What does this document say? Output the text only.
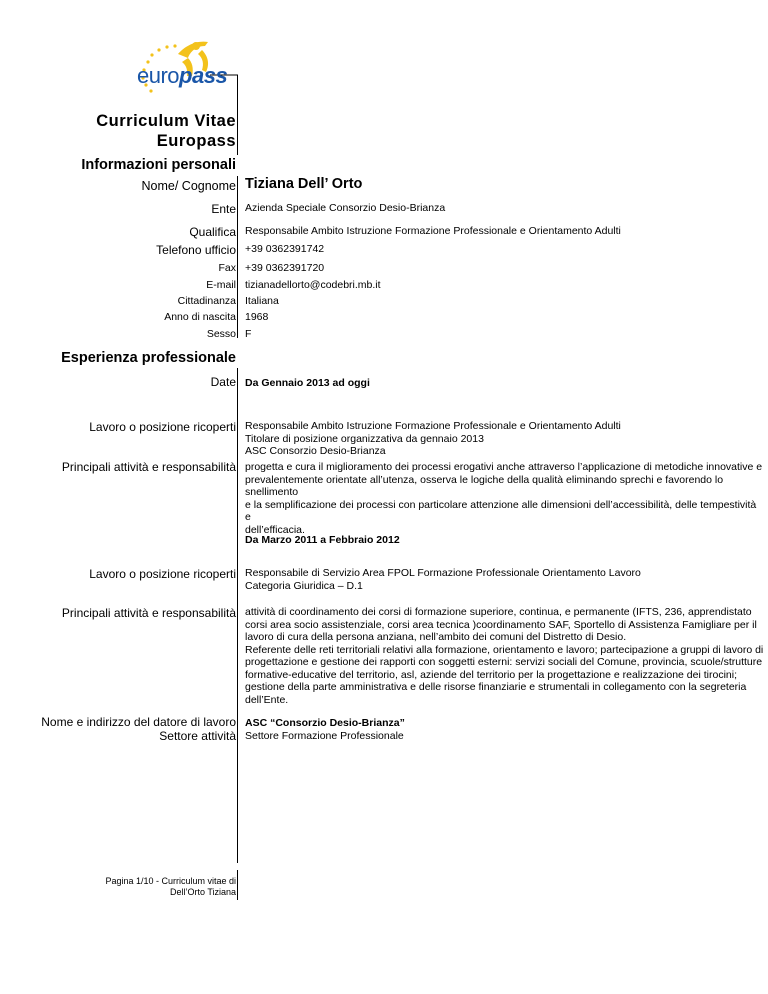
europass
Curriculum Vitae
Europass
Informazioni personali
Nome/ Cognome Tiziana Dell’ Orto
Ente Azienda Speciale Consorzio Desio-Brianza
Qualifica Responsabile Ambito Istruzione Formazione Professionale e Orientamento Adulti
Telefono ufficio +39 0362391742
Fax +39 0362391720
E-mail tizianadellorto@codebri.mb.it
Cittadinanza Italiana
Anno di nascita 1968
Sesso F
Esperienza professionale
Date Da Gennaio 2013 ad oggi
Lavoro o posizione ricoperti Responsabile Ambito Istruzione Formazione Professionale e Orientamento Adulti
Titolare di posizione organizzativa da gennaio 2013
ASC Consorzio Desio-Brianza
Principali attività e responsabilità progetta e cura il miglioramento dei processi erogativi anche attraverso l’applicazione di metodiche innovative e
prevalentemente orientate all’utenza, osserva le logiche della qualità eliminando sprechi e favorendo lo snellimento
e la semplificazione dei processi con particolare attenzione alle dimensioni dell’accessibilità, delle tempestività e
dell’efficacia.
Da Marzo 2011 a Febbraio 2012
Lavoro o posizione ricoperti Responsabile di Servizio Area FPOL Formazione Professionale Orientamento Lavoro
Categoria Giuridica – D.1
Principali attività e responsabilità attività di coordinamento dei corsi di formazione superiore, continua, e permanente (IFTS, 236, apprendistato
corsi area socio assistenziale, corsi area tecnica )coordinamento SAF, Sportello di Assistenza Famigliare per il
lavoro di cura della persona anziana, nell’ambito dei comuni del Distretto di Desio.
Referente delle reti territoriali relativi alla formazione, orientamento e lavoro; partecipazione a gruppi di lavoro di
progettazione e gestione dei rapporti con soggetti esterni: servizi sociali del Comune, provincia, scuole/strutture
formative-educative del territorio, asl, aziende del territorio per la progettazione e realizzazione dei tirocini;
gestione della parte amministrativa e delle risorse finanziarie e strumentali in collegamento con la segreteria
dell’Ente.
Nome e indirizzo del datore di lavoro
Settore attività
ASC “Consorzio Desio-Brianza”
Settore Formazione Professionale
Pagina 1/10 - Curriculum vitae di
Dell’Orto Tiziana
